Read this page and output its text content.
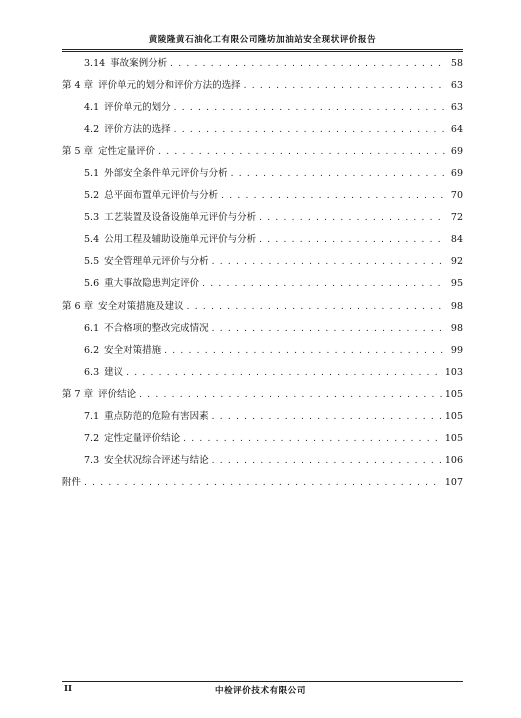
黄陵隆黄石油化工有限公司隆坊加油站安全现状评价报告
3.14 事故案例分析 . . .	58
第 4 章 评价单元的划分和评价方法的选择 . . .	63
4.1 评价单元的划分 . . .	63
4.2 评价方法的选择 . . .	64
第 5 章 定性定量评价 . . .	69
5.1 外部安全条件单元评价与分析 . . .	69
5.2 总平面布置单元评价与分析 . . .	70
5.3 工艺装置及设备设施单元评价与分析 . . .	72
5.4 公用工程及辅助设施单元评价与分析 . . .	84
5.5 安全管理单元评价与分析 . . .	92
5.6 重大事故隐患判定评价 . . .	95
第 6 章 安全对策措施及建议 . . .	98
6.1 不合格项的整改完成情况 . . .	98
6.2 安全对策措施 . . .	99
6.3 建议 . . .	103
第 7 章 评价结论 . . .	105
7.1 重点防范的危险有害因素 . . .	105
7.2 定性定量评价结论 . . .	105
7.3 安全状况综合评述与结论 . . .	106
附件 . . .	107
II	中检评价技术有限公司
